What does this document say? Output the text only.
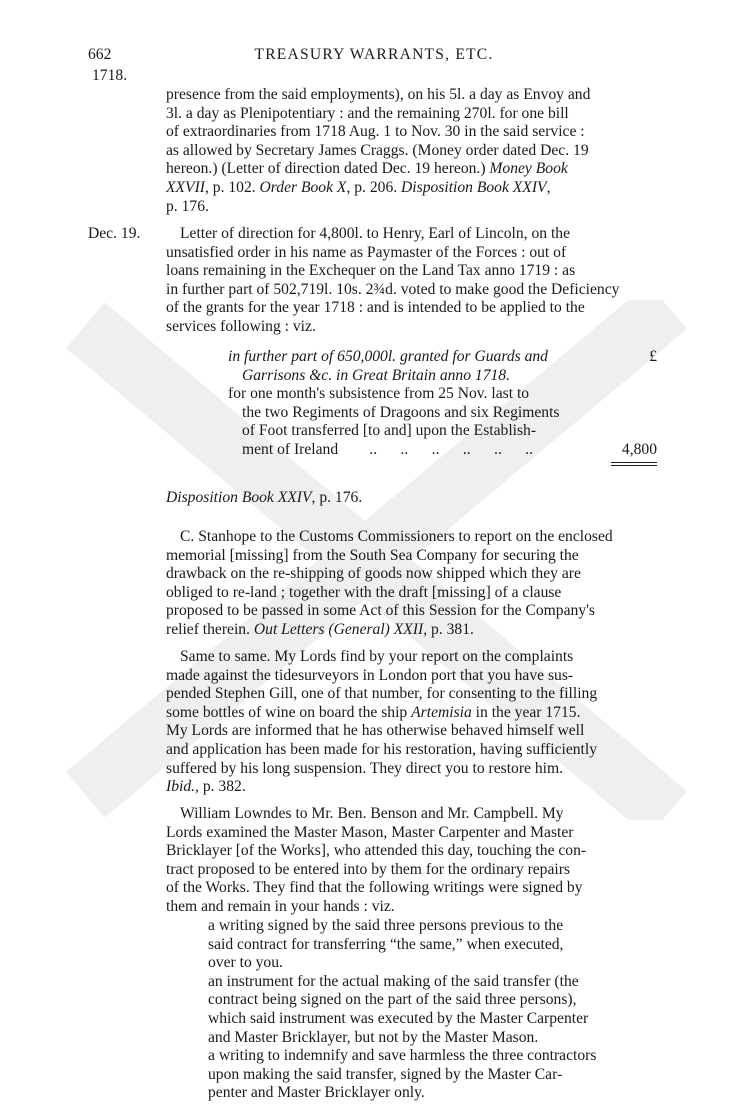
662	TREASURY WARRANTS, ETC.
1718.

presence from the said employments), on his 5l. a day as Envoy and

3l. a day as Plenipotentiary : and the remaining 270l. for one bill

of extraordinaries from 1718 Aug. 1 to Nov. 30 in the said service :

as allowed by Secretary James Craggs. (Money order dated Dec. 19

hereon.) (Letter of direction dated Dec. 19 hereon.) Money Book

XXVII, p. 102. Order Book X, p. 206. Disposition Book XXIV,

p. 176.

Dec. 19.	Letter of direction for 4,800l. to Henry, Earl of Lincoln, on the

unsatisfied order in his name as Paymaster of the Forces : out of

loans remaining in the Exchequer on the Land Tax anno 1719 : as

in further part of 502,719l. 10s. 2¾d. voted to make good the Deficiency

of the grants for the year 1718 : and is intended to be applied to the

services following : viz.

£
in further part of 650,000l. granted for Guards and
Garrisons &c. in Great Britain anno 1718.
for one month's subsistence from 25 Nov. last to
the two Regiments of Dragoons and six Regiments
of Foot transferred [to and] upon the Establish-
ment of Ireland        ..      ..      ..      ..      ..      ..	4,800

Disposition Book XXIV, p. 176.

C. Stanhope to the Customs Commissioners to report on the enclosed

memorial [missing] from the South Sea Company for securing the

drawback on the re-shipping of goods now shipped which they are

obliged to re-land ; together with the draft [missing] of a clause

proposed to be passed in some Act of this Session for the Company's

relief therein. Out Letters (General) XXII, p. 381.

Same to same. My Lords find by your report on the complaints

made against the tidesurveyors in London port that you have sus-

pended Stephen Gill, one of that number, for consenting to the filling

some bottles of wine on board the ship Artemisia in the year 1715.

My Lords are informed that he has otherwise behaved himself well

and application has been made for his restoration, having sufficiently

suffered by his long suspension. They direct you to restore him.

Ibid., p. 382.

William Lowndes to Mr. Ben. Benson and Mr. Campbell. My

Lords examined the Master Mason, Master Carpenter and Master

Bricklayer [of the Works], who attended this day, touching the con-

tract proposed to be entered into by them for the ordinary repairs

of the Works. They find that the following writings were signed by

them and remain in your hands : viz.

a writing signed by the said three persons previous to the
said contract for transferring “the same,” when executed,
over to you.
an instrument for the actual making of the said transfer (the
contract being signed on the part of the said three persons),
which said instrument was executed by the Master Carpenter
and Master Bricklayer, but not by the Master Mason.
a writing to indemnify and save harmless the three contractors
upon making the said transfer, signed by the Master Car-
penter and Master Bricklayer only.
